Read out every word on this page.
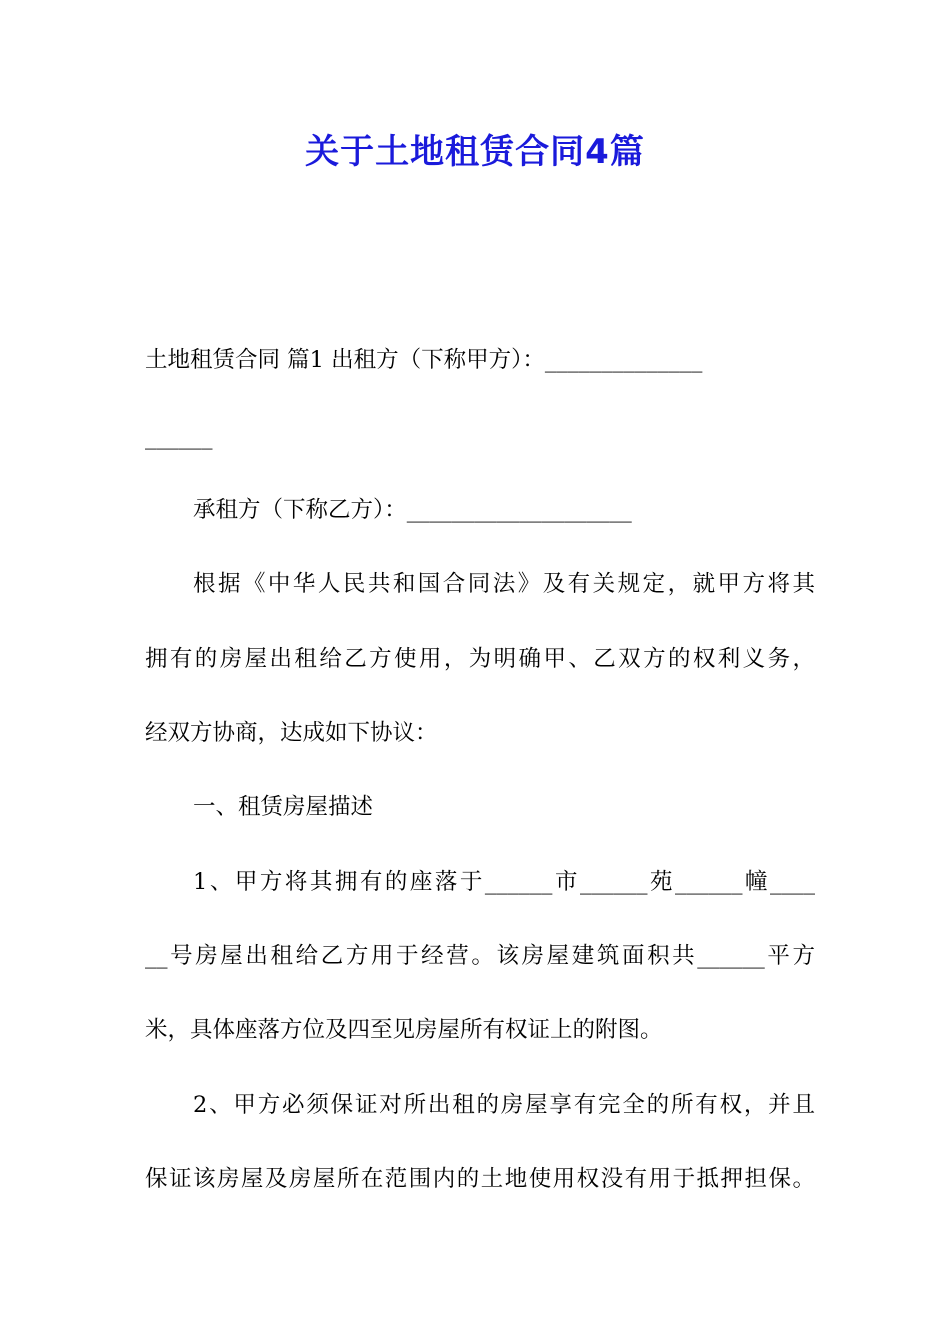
关于土地租赁合同4篇
土地租赁合同 篇1 出租方（下称甲方）：______________
______
承租方（下称乙方）：____________________
根据《中华人民共和国合同法》及有关规定，就甲方将其
拥有的房屋出租给乙方使用，为明确甲、乙双方的权利义务，
经双方协商，达成如下协议：
一、租赁房屋描述
1、甲方将其拥有的座落于______市______苑______幢____
__号房屋出租给乙方用于经营。该房屋建筑面积共______平方
米，具体座落方位及四至见房屋所有权证上的附图。
2、甲方必须保证对所出租的房屋享有完全的所有权，并且
保证该房屋及房屋所在范围内的土地使用权没有用于抵押担保。
